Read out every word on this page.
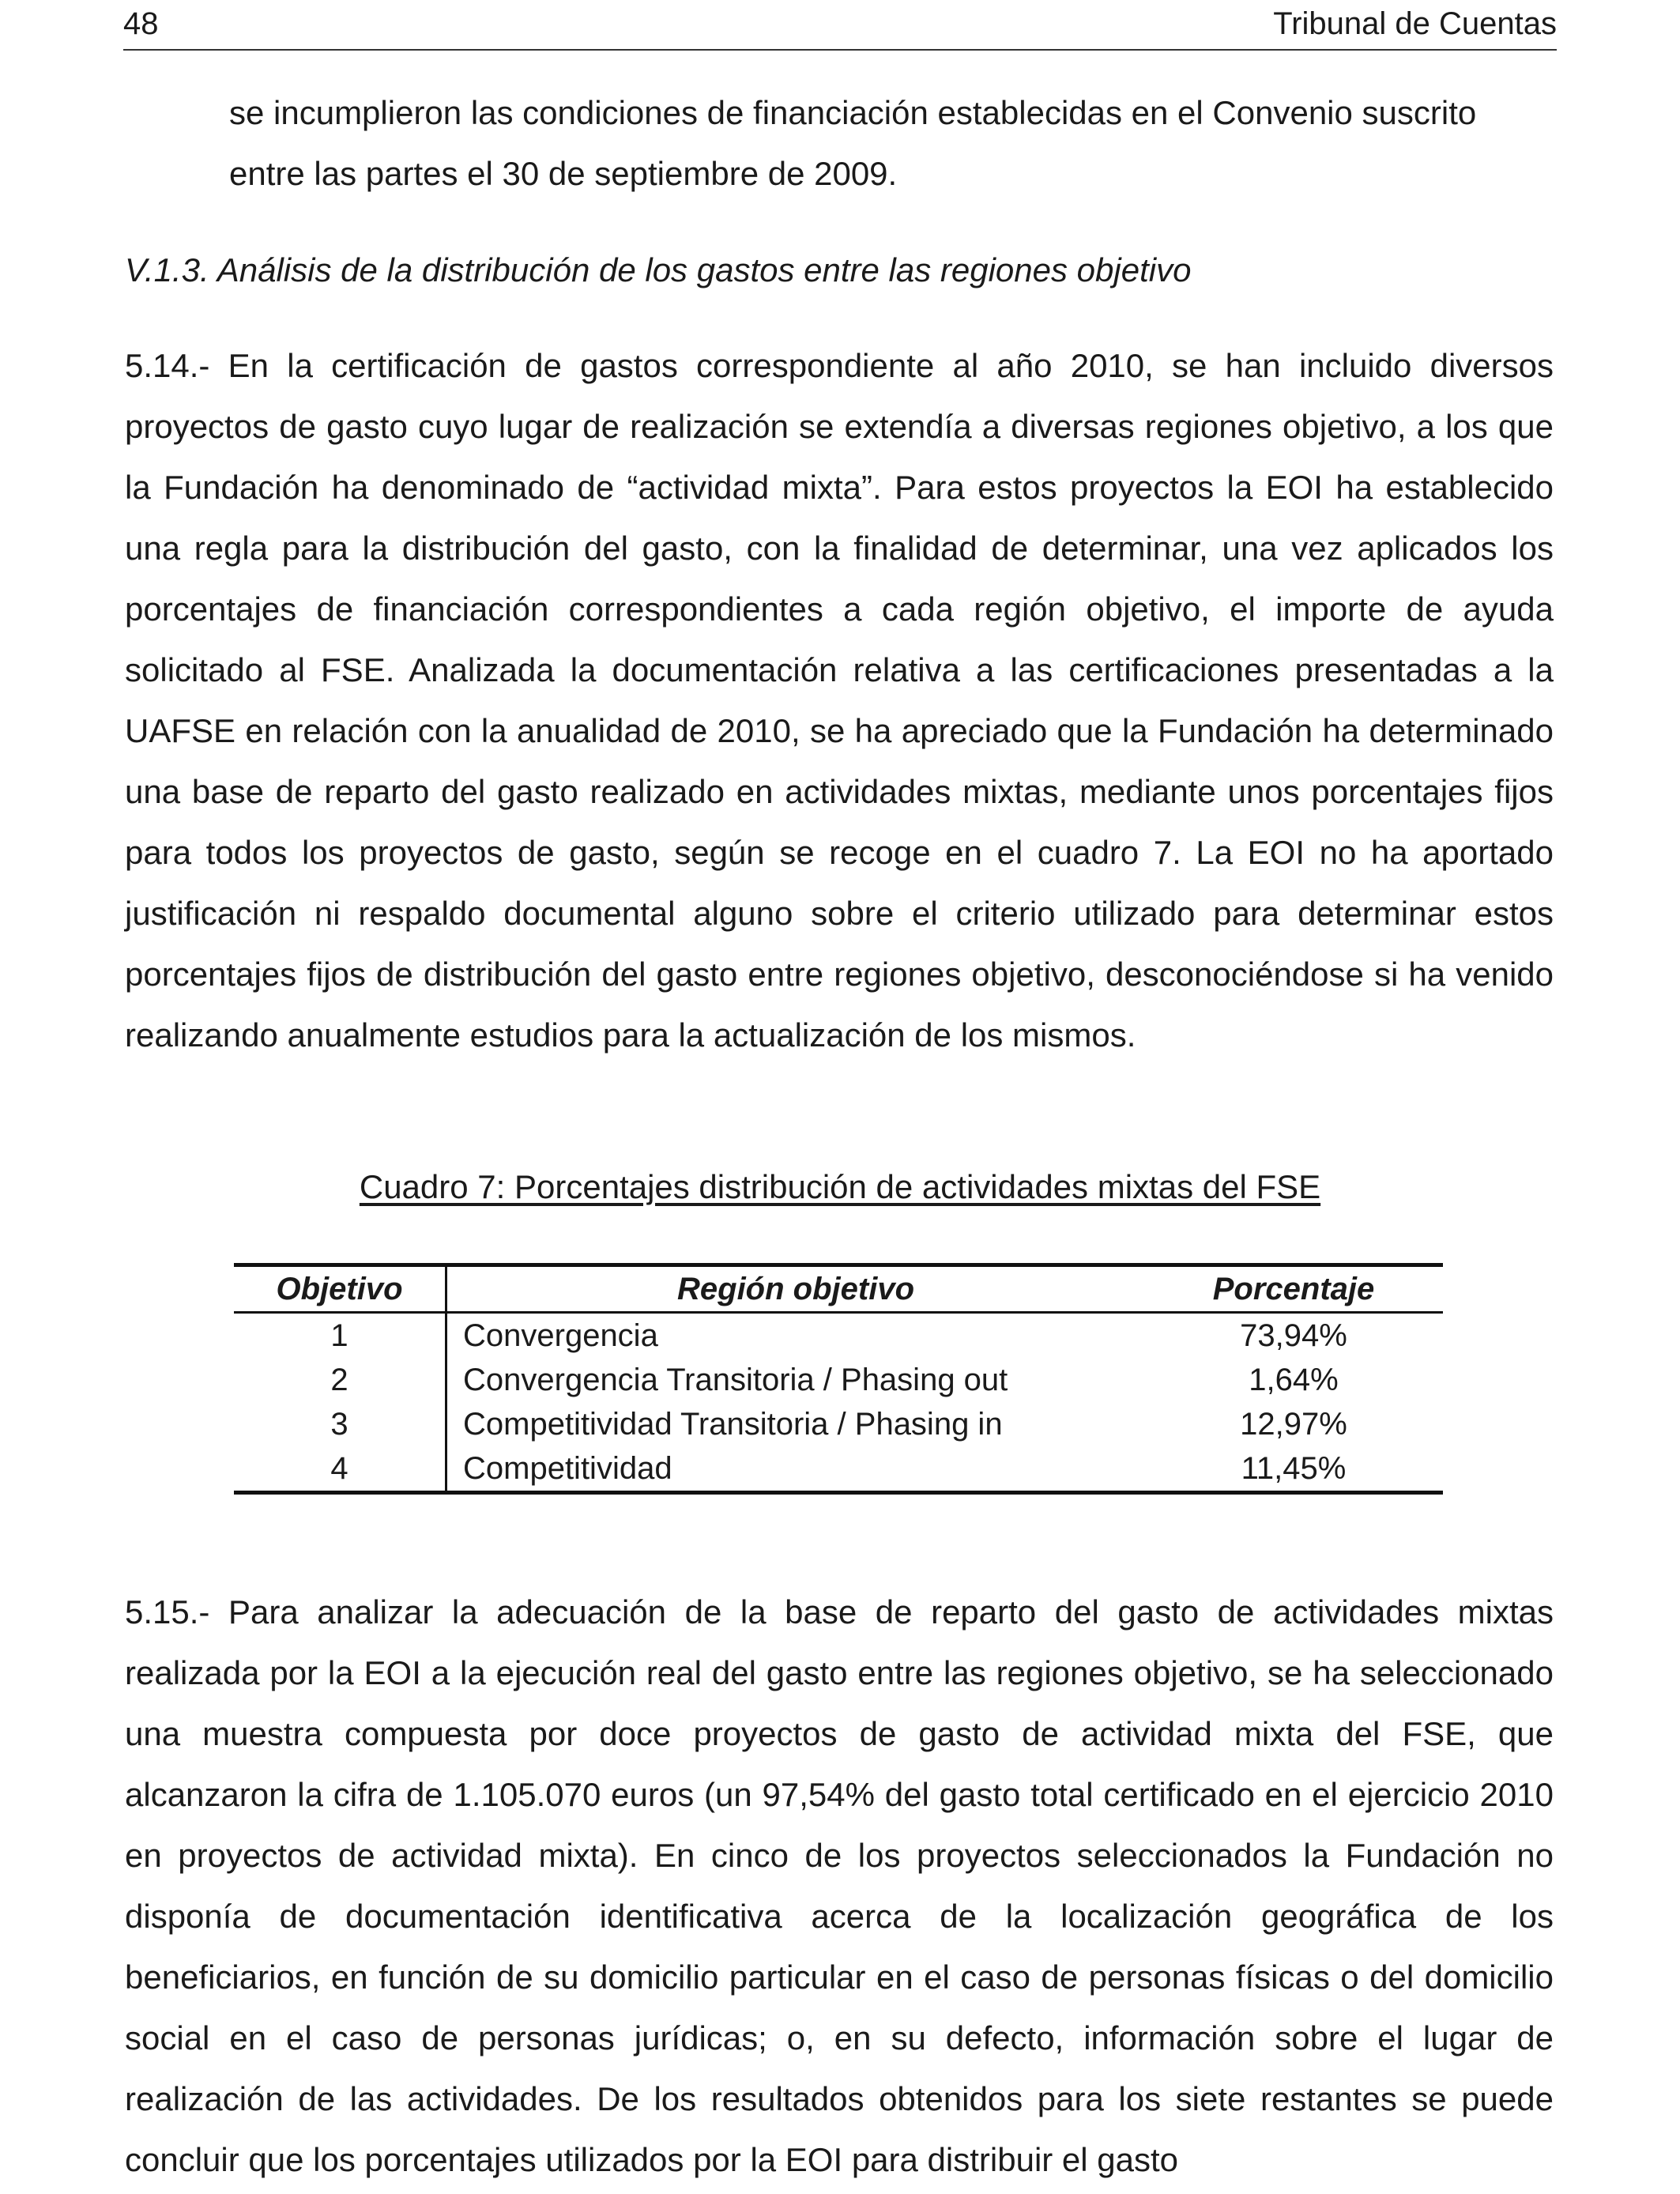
48	Tribunal de Cuentas
se incumplieron las condiciones de financiación establecidas en el Convenio suscrito entre las partes el 30 de septiembre de 2009.
V.1.3. Análisis de la distribución de los gastos entre las regiones objetivo
5.14.- En la certificación de gastos correspondiente al año 2010, se han incluido diversos proyectos de gasto cuyo lugar de realización se extendía a diversas regiones objetivo, a los que la Fundación ha denominado de “actividad mixta”. Para estos proyectos la EOI ha establecido una regla para la distribución del gasto, con la finalidad de determinar, una vez aplicados los porcentajes de financiación correspondientes a cada región objetivo, el importe de ayuda solicitado al FSE. Analizada la documentación relativa a las certificaciones presentadas a la UAFSE en relación con la anualidad de 2010, se ha apreciado que la Fundación ha determinado una base de reparto del gasto realizado en actividades mixtas, mediante unos porcentajes fijos para todos los proyectos de gasto, según se recoge en el cuadro 7. La EOI no ha aportado justificación ni respaldo documental alguno sobre el criterio utilizado para determinar estos porcentajes fijos de distribución del gasto entre regiones objetivo, desconociéndose si ha venido realizando anualmente estudios para la actualización de los mismos.
Cuadro 7: Porcentajes distribución de actividades mixtas del FSE
Objetivo	Región objetivo	Porcentaje
1	Convergencia	73,94%
2	Convergencia Transitoria / Phasing out	1,64%
3	Competitividad Transitoria / Phasing in	12,97%
4	Competitividad	11,45%
5.15.- Para analizar la adecuación de la base de reparto del gasto de actividades mixtas realizada por la EOI a la ejecución real del gasto entre las regiones objetivo, se ha seleccionado una muestra compuesta por doce proyectos de gasto de actividad mixta del FSE, que alcanzaron la cifra de 1.105.070 euros (un 97,54% del gasto total certificado en el ejercicio 2010 en proyectos de actividad mixta). En cinco de los proyectos seleccionados la Fundación no disponía de documentación identificativa acerca de la localización geográfica de los beneficiarios, en función de su domicilio particular en el caso de personas físicas o del domicilio social en el caso de personas jurídicas; o, en su defecto, información sobre el lugar de realización de las actividades. De los resultados obtenidos para los siete restantes se puede concluir que los porcentajes utilizados por la EOI para distribuir el gasto
